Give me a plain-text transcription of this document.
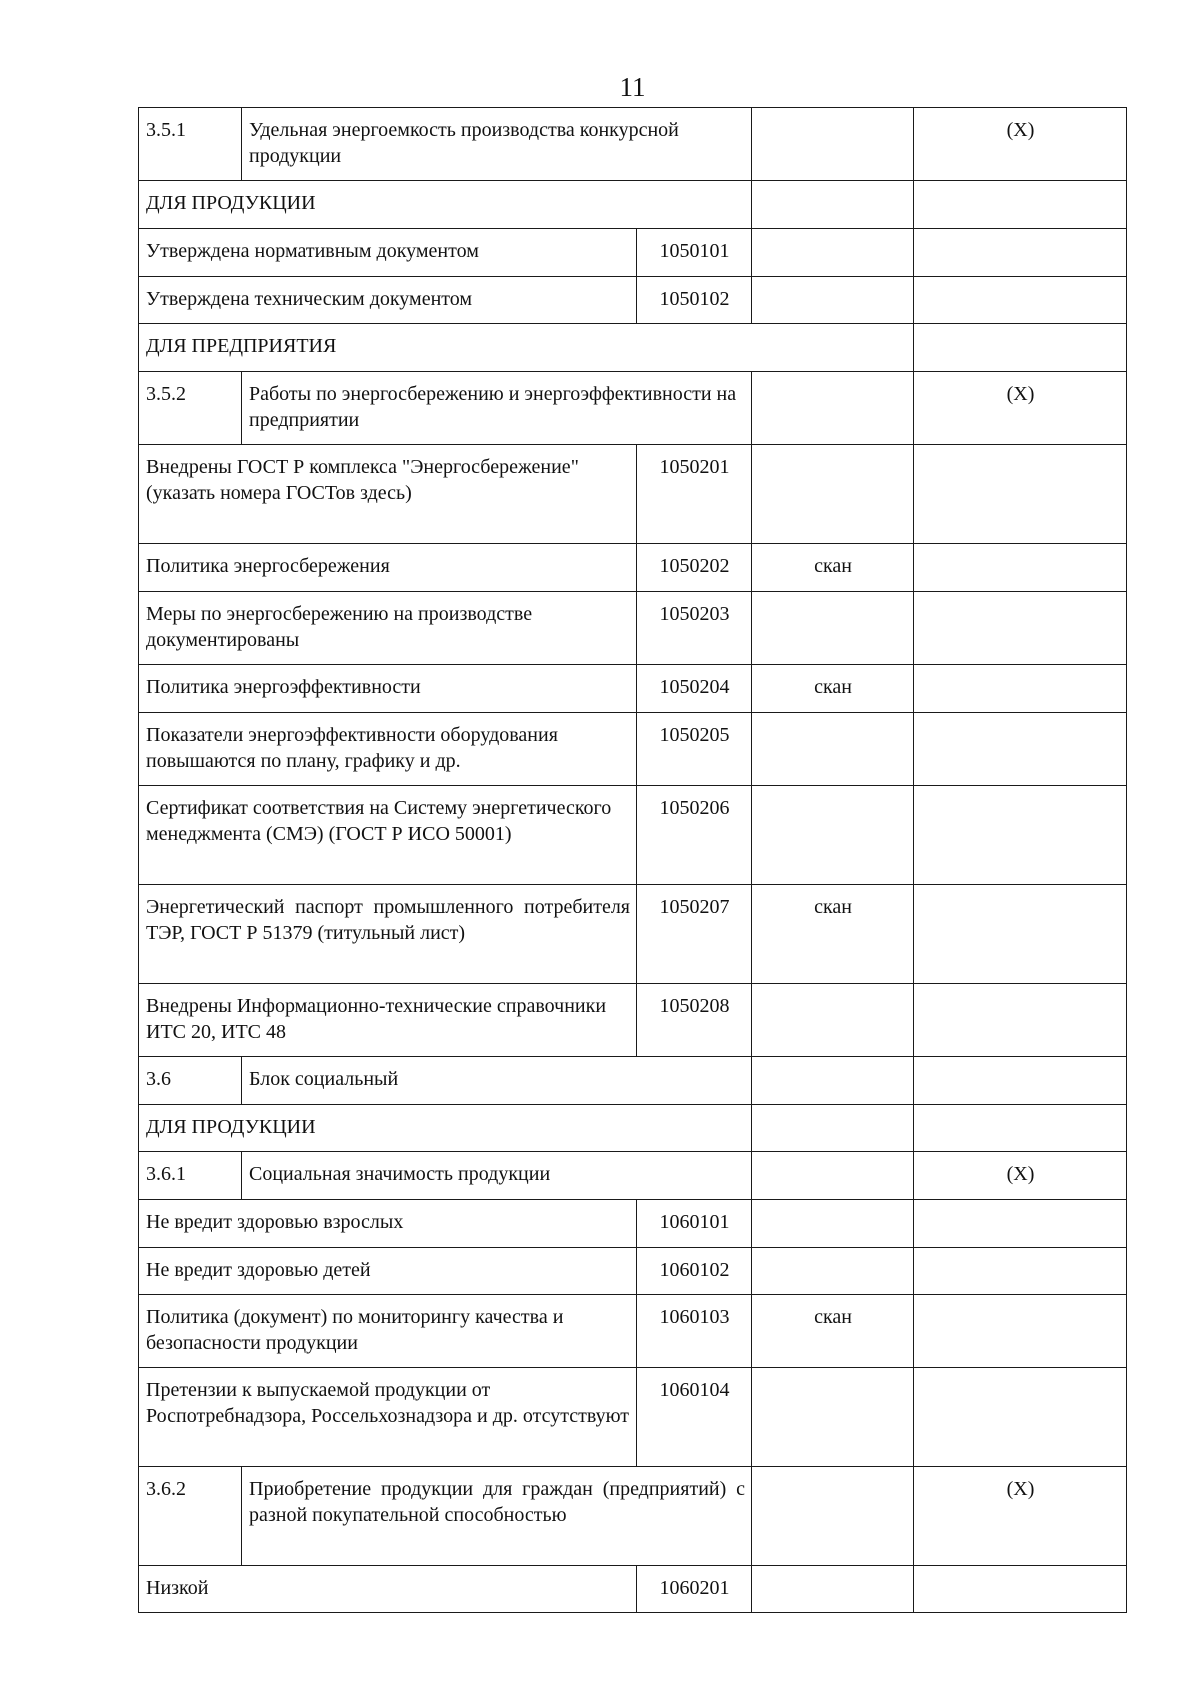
11
3.5.1	Удельная энергоемкость производства конкурсной продукции			(X)
ДЛЯ ПРОДУКЦИИ				
Утверждена нормативным документом		1050101		
Утверждена техническим документом		1050102		
ДЛЯ ПРЕДПРИЯТИЯ				
3.5.2	Работы по энергосбережению и энергоэффективности на предприятии			(X)
Внедрены ГОСТ Р комплекса "Энергосбережение" (указать номера ГОСТов здесь)		1050201		
Политика энергосбережения		1050202	скан	
Меры по энергосбережению на производстве документированы		1050203		
Политика энергоэффективности		1050204	скан	
Показатели энергоэффективности оборудования повышаются по плану, графику и др.		1050205		
Сертификат соответствия на Систему энергетического менеджмента (СМЭ) (ГОСТ Р ИСО 50001)		1050206		
Энергетический паспорт промышленного потребителя ТЭР, ГОСТ Р 51379 (титульный лист)		1050207	скан	
Внедрены Информационно-технические справочники ИТС 20, ИТС 48		1050208		
3.6	Блок социальный			
ДЛЯ ПРОДУКЦИИ				
3.6.1	Социальная значимость продукции			(X)
Не вредит здоровью взрослых		1060101		
Не вредит здоровью детей		1060102		
Политика (документ) по мониторингу качества и безопасности продукции		1060103	скан	
Претензии к выпускаемой продукции от Роспотребнадзора, Россельхознадзора и др. отсутствуют		1060104		
3.6.2	Приобретение продукции для граждан (предприятий) с разной покупательной способностью			(X)
Низкой		1060201		
